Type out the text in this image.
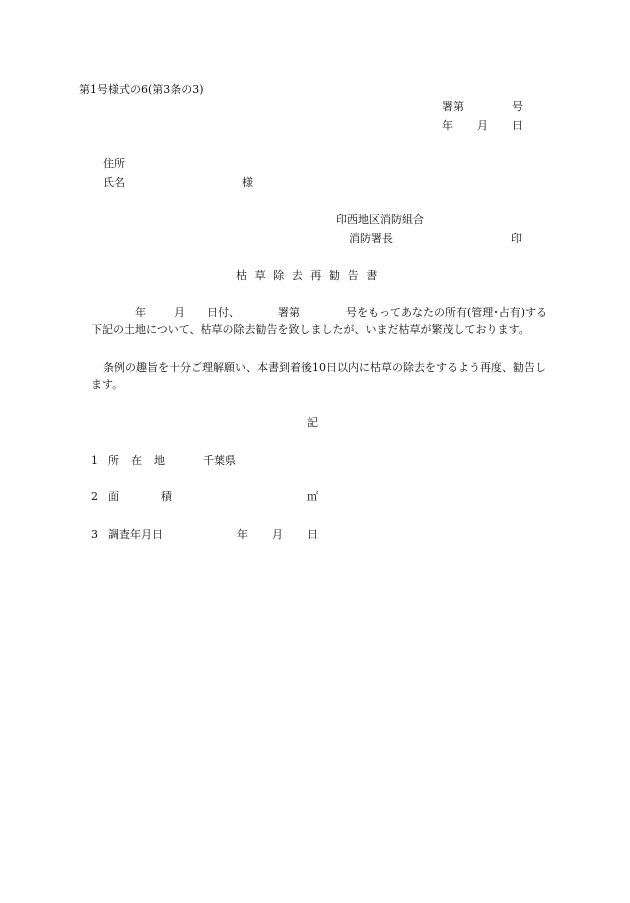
第1号様式の6(第3条の3)
署第	号
年 月 日
住所
氏名	様
印西地区消防組合
消防署長	印
枯草除去再勧告書
年	月 日付、	署第	号をもってあなたの所有(管理･占有)する下記の土地について、枯草の除去勧告を致しましたが、いまだ枯草が繁茂しております。
条例の趣旨を十分ご理解願い、本書到着後10日以内に枯草の除去をするよう再度、勧告します。
記
1 所在地 千葉県
2 面積	㎡
3 調査年月日	年 月 日
